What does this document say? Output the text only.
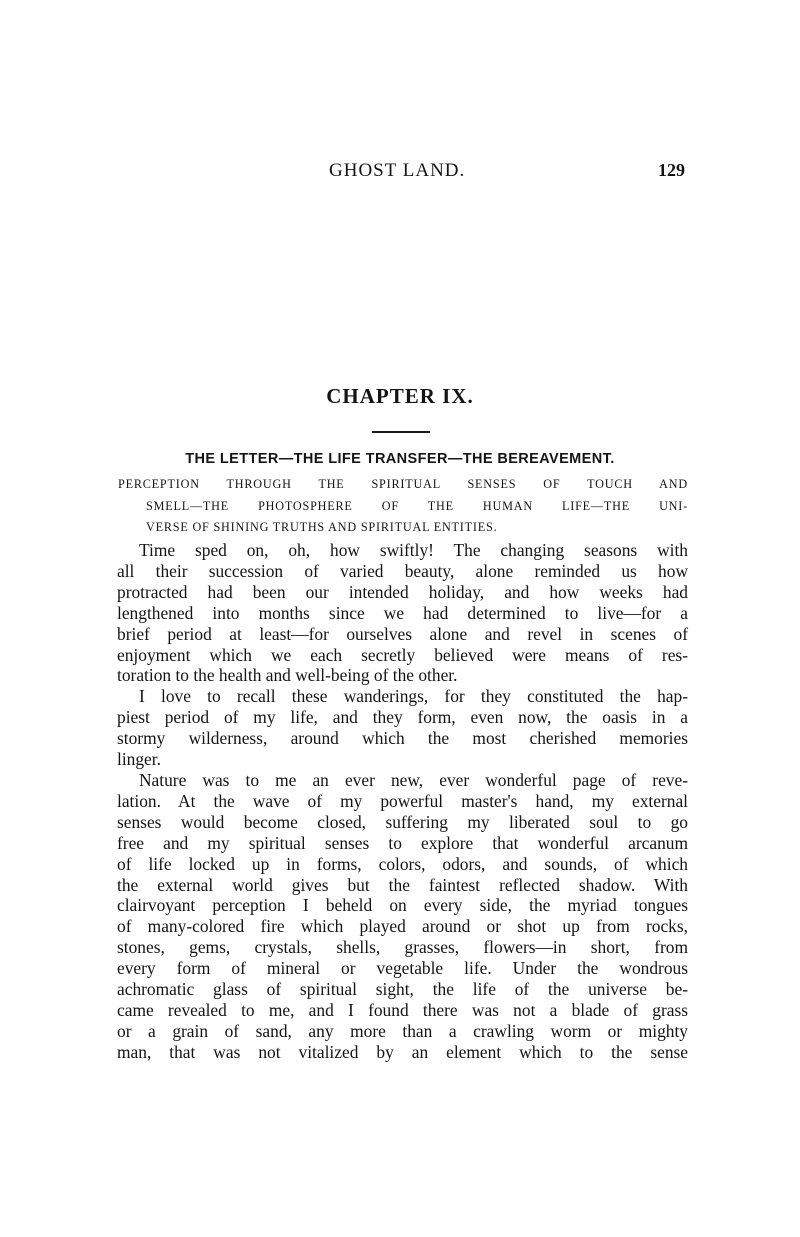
GHOST LAND.	129
CHAPTER IX.
THE LETTER—THE LIFE TRANSFER—THE BEREAVEMENT.
PERCEPTION THROUGH THE SPIRITUAL SENSES OF TOUCH AND
SMELL—THE PHOTOSPHERE OF THE HUMAN LIFE—THE UNI-
VERSE OF SHINING TRUTHS AND SPIRITUAL ENTITIES.
Time sped on, oh, how swiftly! The changing seasons with
all their succession of varied beauty, alone reminded us how
protracted had been our intended holiday, and how weeks had
lengthened into months since we had determined to live—for a
brief period at least—for ourselves alone and revel in scenes of
enjoyment which we each secretly believed were means of res-
toration to the health and well-being of the other.
I love to recall these wanderings, for they constituted the hap-
piest period of my life, and they form, even now, the oasis in a
stormy wilderness, around which the most cherished memories
linger.
Nature was to me an ever new, ever wonderful page of reve-
lation. At the wave of my powerful master's hand, my external
senses would become closed, suffering my liberated soul to go
free and my spiritual senses to explore that wonderful arcanum
of life locked up in forms, colors, odors, and sounds, of which
the external world gives but the faintest reflected shadow. With
clairvoyant perception I beheld on every side, the myriad tongues
of many-colored fire which played around or shot up from rocks,
stones, gems, crystals, shells, grasses, flowers—in short, from
every form of mineral or vegetable life. Under the wondrous
achromatic glass of spiritual sight, the life of the universe be-
came revealed to me, and I found there was not a blade of grass
or a grain of sand, any more than a crawling worm or mighty
man, that was not vitalized by an element which to the sense
